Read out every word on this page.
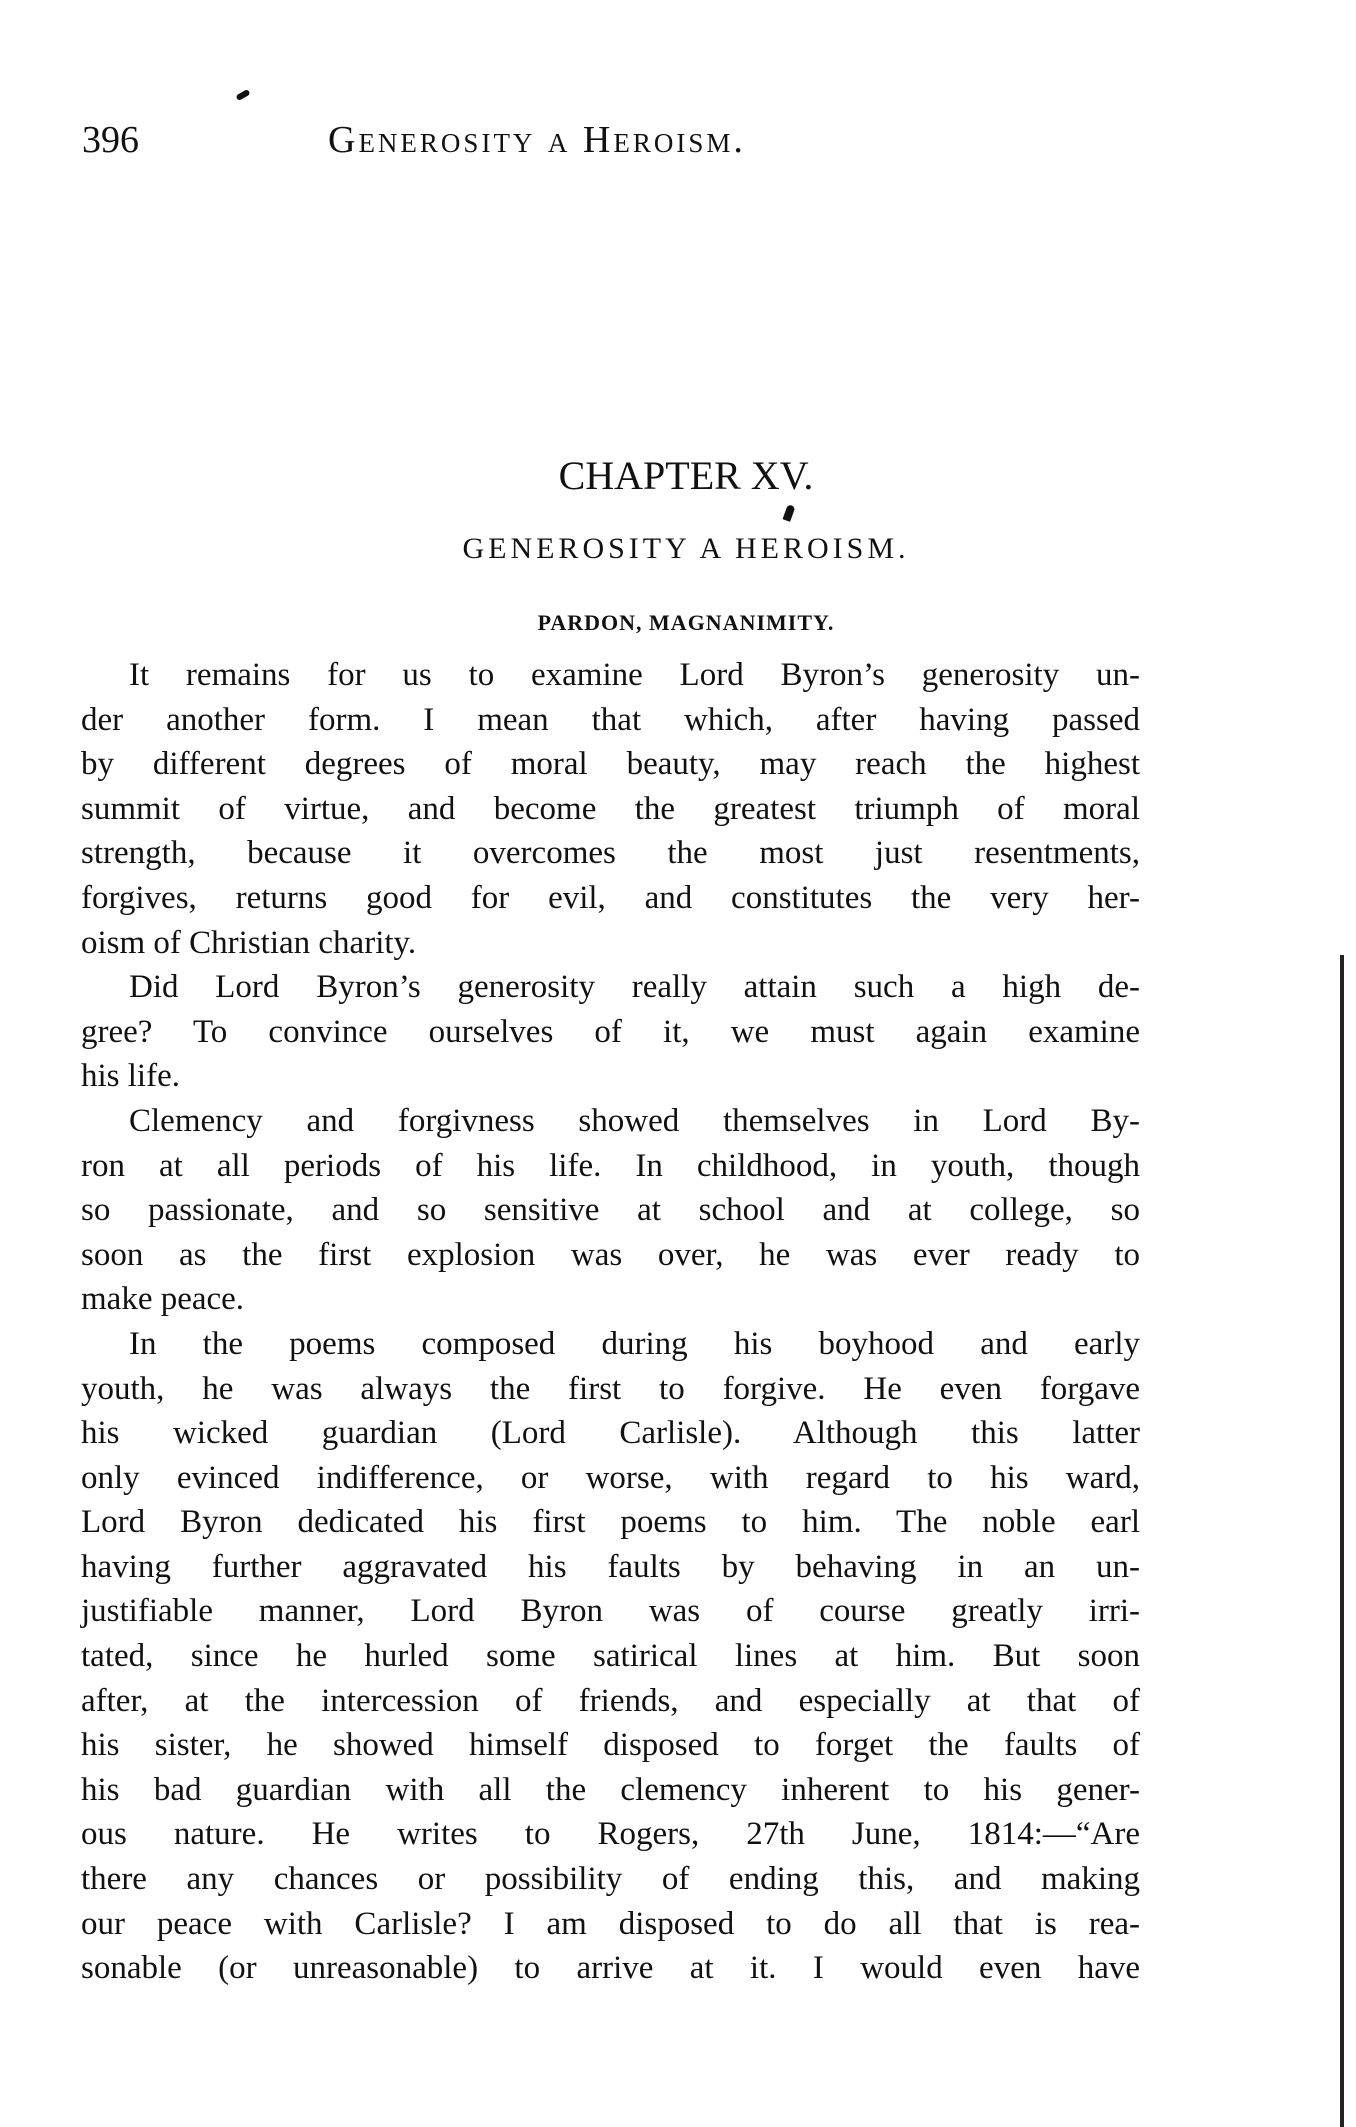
396	Generosity a Heroism.
CHAPTER XV.
GENEROSITY A HEROISM.
PARDON, MAGNANIMITY.
It remains for us to examine Lord Byron’s generosity un-
der another form. I mean that which, after having passed
by different degrees of moral beauty, may reach the highest
summit of virtue, and become the greatest triumph of moral
strength, because it overcomes the most just resentments,
forgives, returns good for evil, and constitutes the very her-
oism of Christian charity.
Did Lord Byron’s generosity really attain such a high de-
gree? To convince ourselves of it, we must again examine
his life.
Clemency and forgivness showed themselves in Lord By-
ron at all periods of his life. In childhood, in youth, though
so passionate, and so sensitive at school and at college, so
soon as the first explosion was over, he was ever ready to
make peace.
In the poems composed during his boyhood and early
youth, he was always the first to forgive. He even forgave
his wicked guardian (Lord Carlisle). Although this latter
only evinced indifference, or worse, with regard to his ward,
Lord Byron dedicated his first poems to him. The noble earl
having further aggravated his faults by behaving in an un-
justifiable manner, Lord Byron was of course greatly irri-
tated, since he hurled some satirical lines at him. But soon
after, at the intercession of friends, and especially at that of
his sister, he showed himself disposed to forget the faults of
his bad guardian with all the clemency inherent to his gener-
ous nature. He writes to Rogers, 27th June, 1814:—“Are
there any chances or possibility of ending this, and making
our peace with Carlisle? I am disposed to do all that is rea-
sonable (or unreasonable) to arrive at it. I would even have
